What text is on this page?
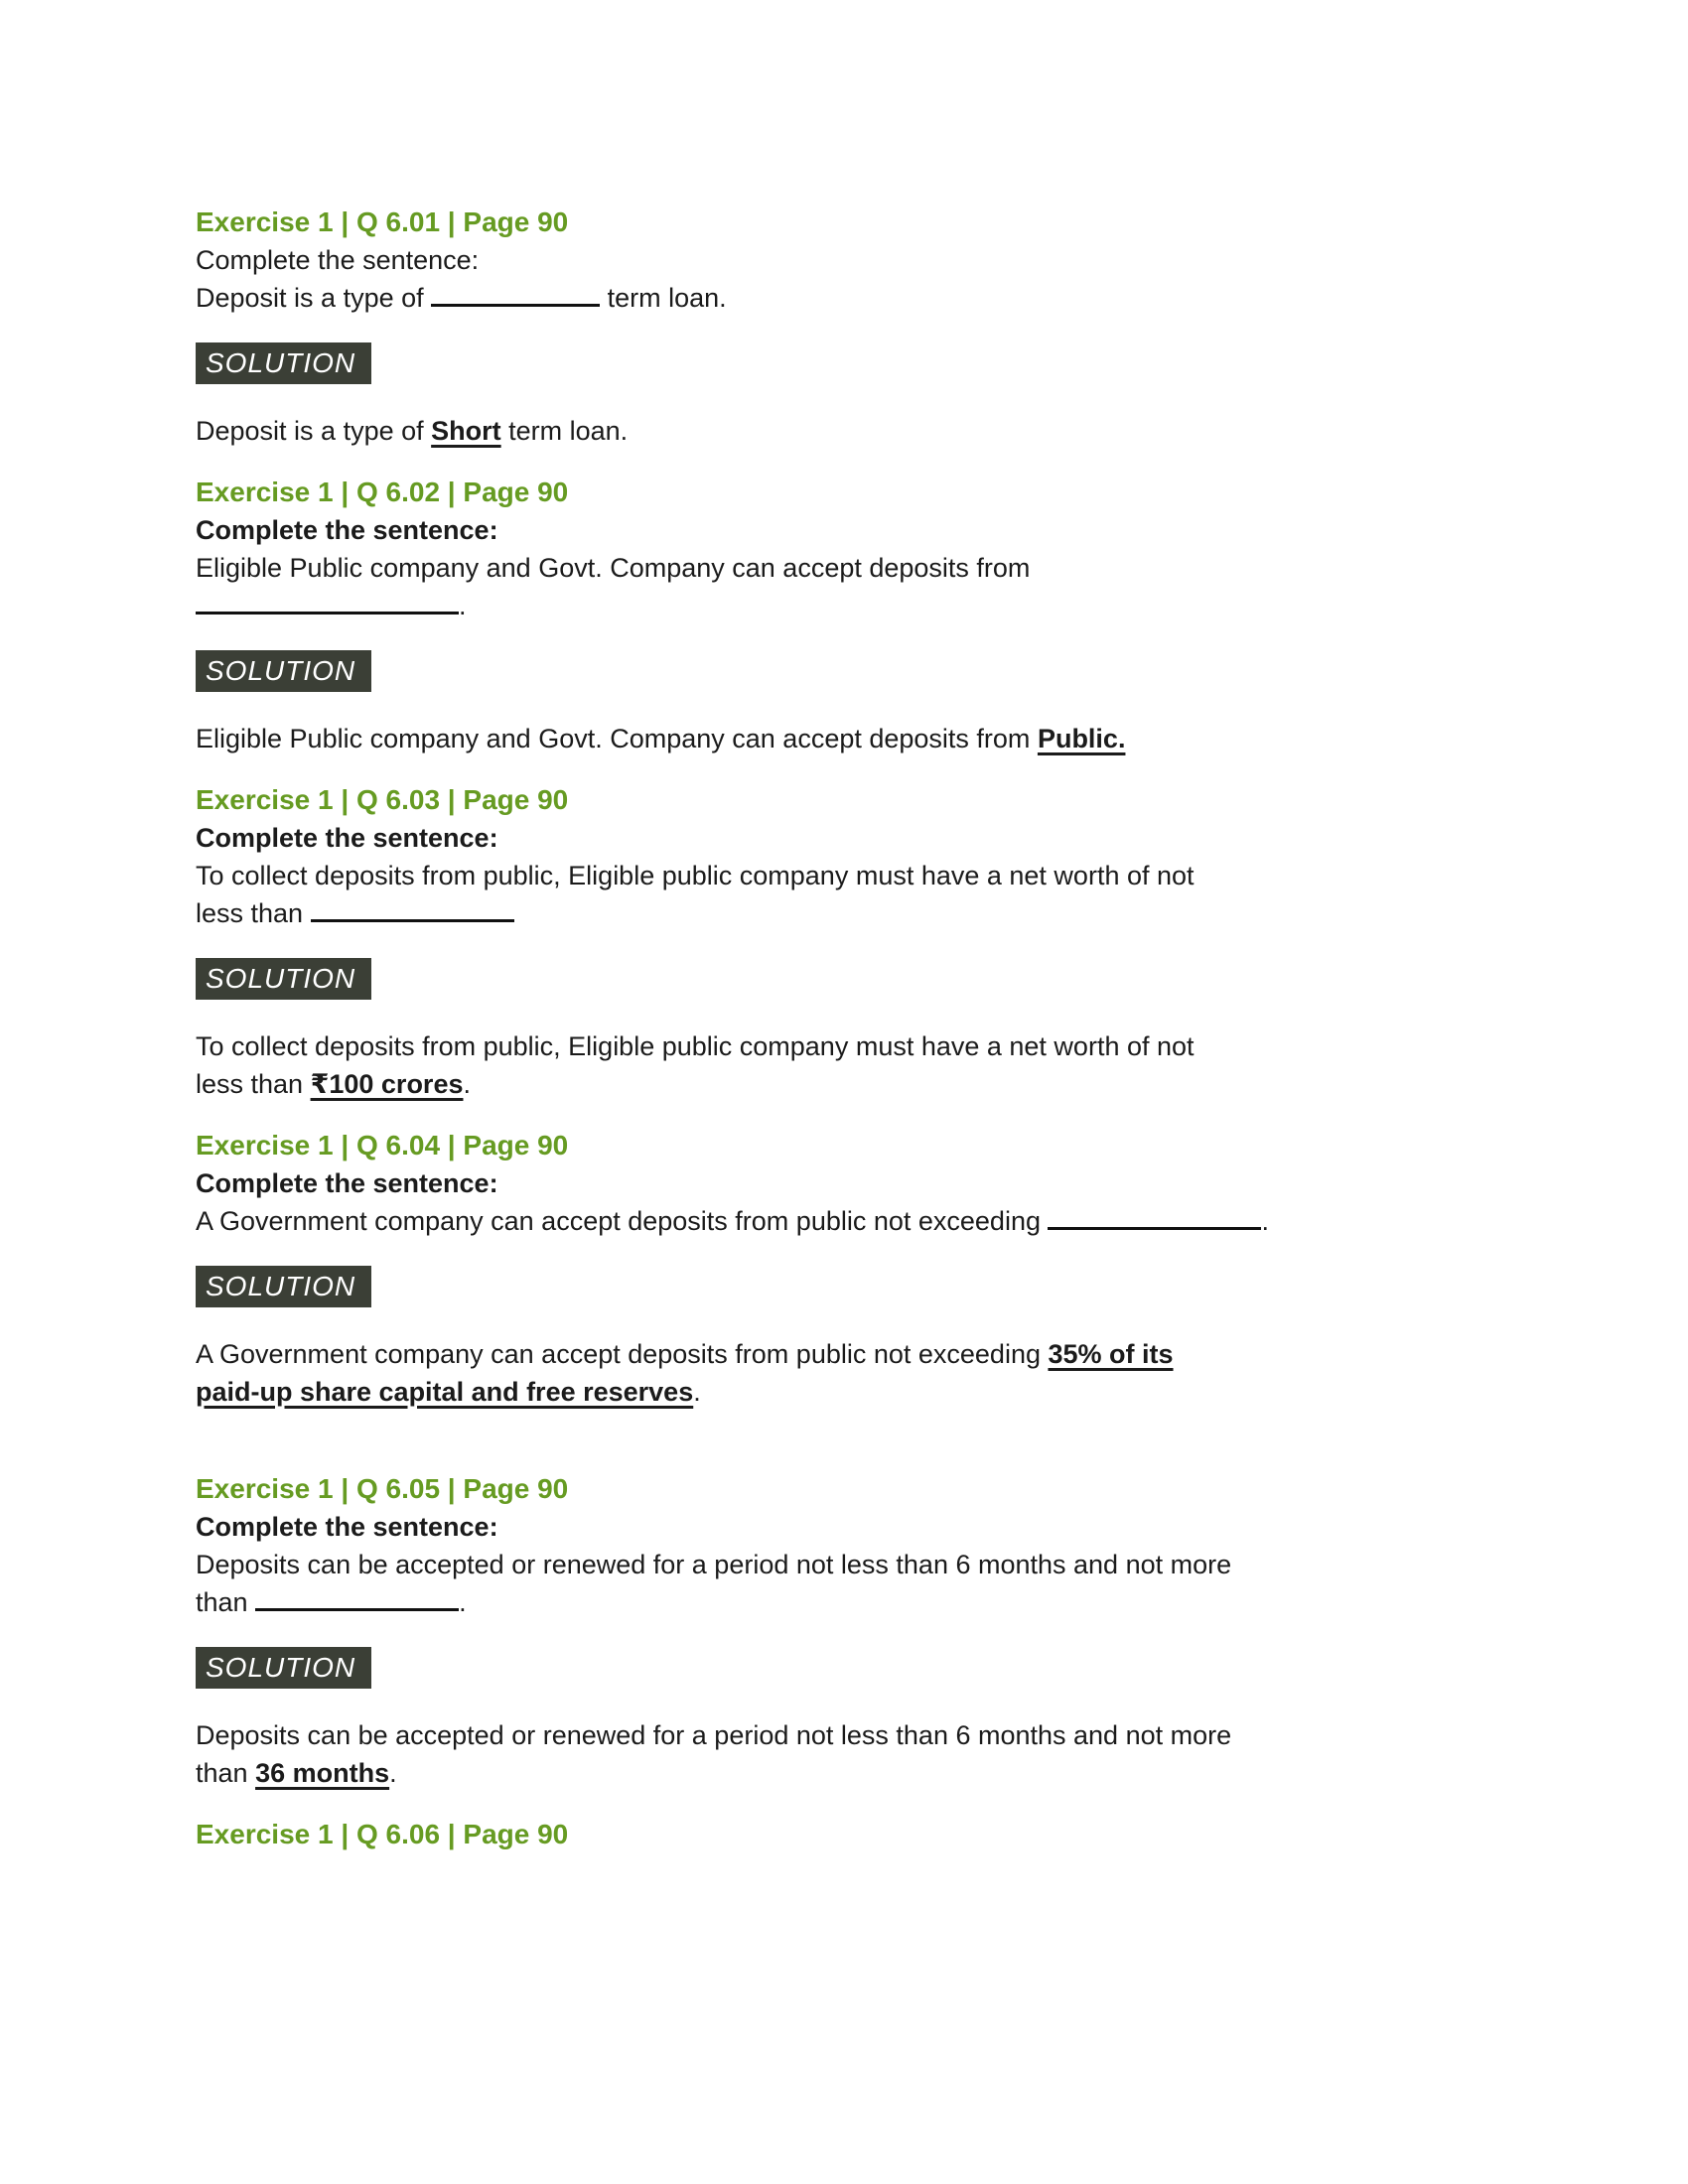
Exercise 1 | Q 6.01 | Page 90
Complete the sentence:
Deposit is a type of	term loan.
SOLUTION
Deposit is a type of Short term loan.
Exercise 1 | Q 6.02 | Page 90
Complete the sentence:
Eligible Public company and Govt. Company can accept deposits from
.
SOLUTION
Eligible Public company and Govt. Company can accept deposits from Public.
Exercise 1 | Q 6.03 | Page 90
Complete the sentence:
To collect deposits from public, Eligible public company must have a net worth of not
less than
SOLUTION
To collect deposits from public, Eligible public company must have a net worth of not
less than ₹100 crores.
Exercise 1 | Q 6.04 | Page 90
Complete the sentence:
A Government company can accept deposits from public not exceeding	.
SOLUTION
A Government company can accept deposits from public not exceeding 35% of its
paid-up share capital and free reserves.
Exercise 1 | Q 6.05 | Page 90
Complete the sentence:
Deposits can be accepted or renewed for a period not less than 6 months and not more
than	.
SOLUTION
Deposits can be accepted or renewed for a period not less than 6 months and not more
than 36 months.
Exercise 1 | Q 6.06 | Page 90
